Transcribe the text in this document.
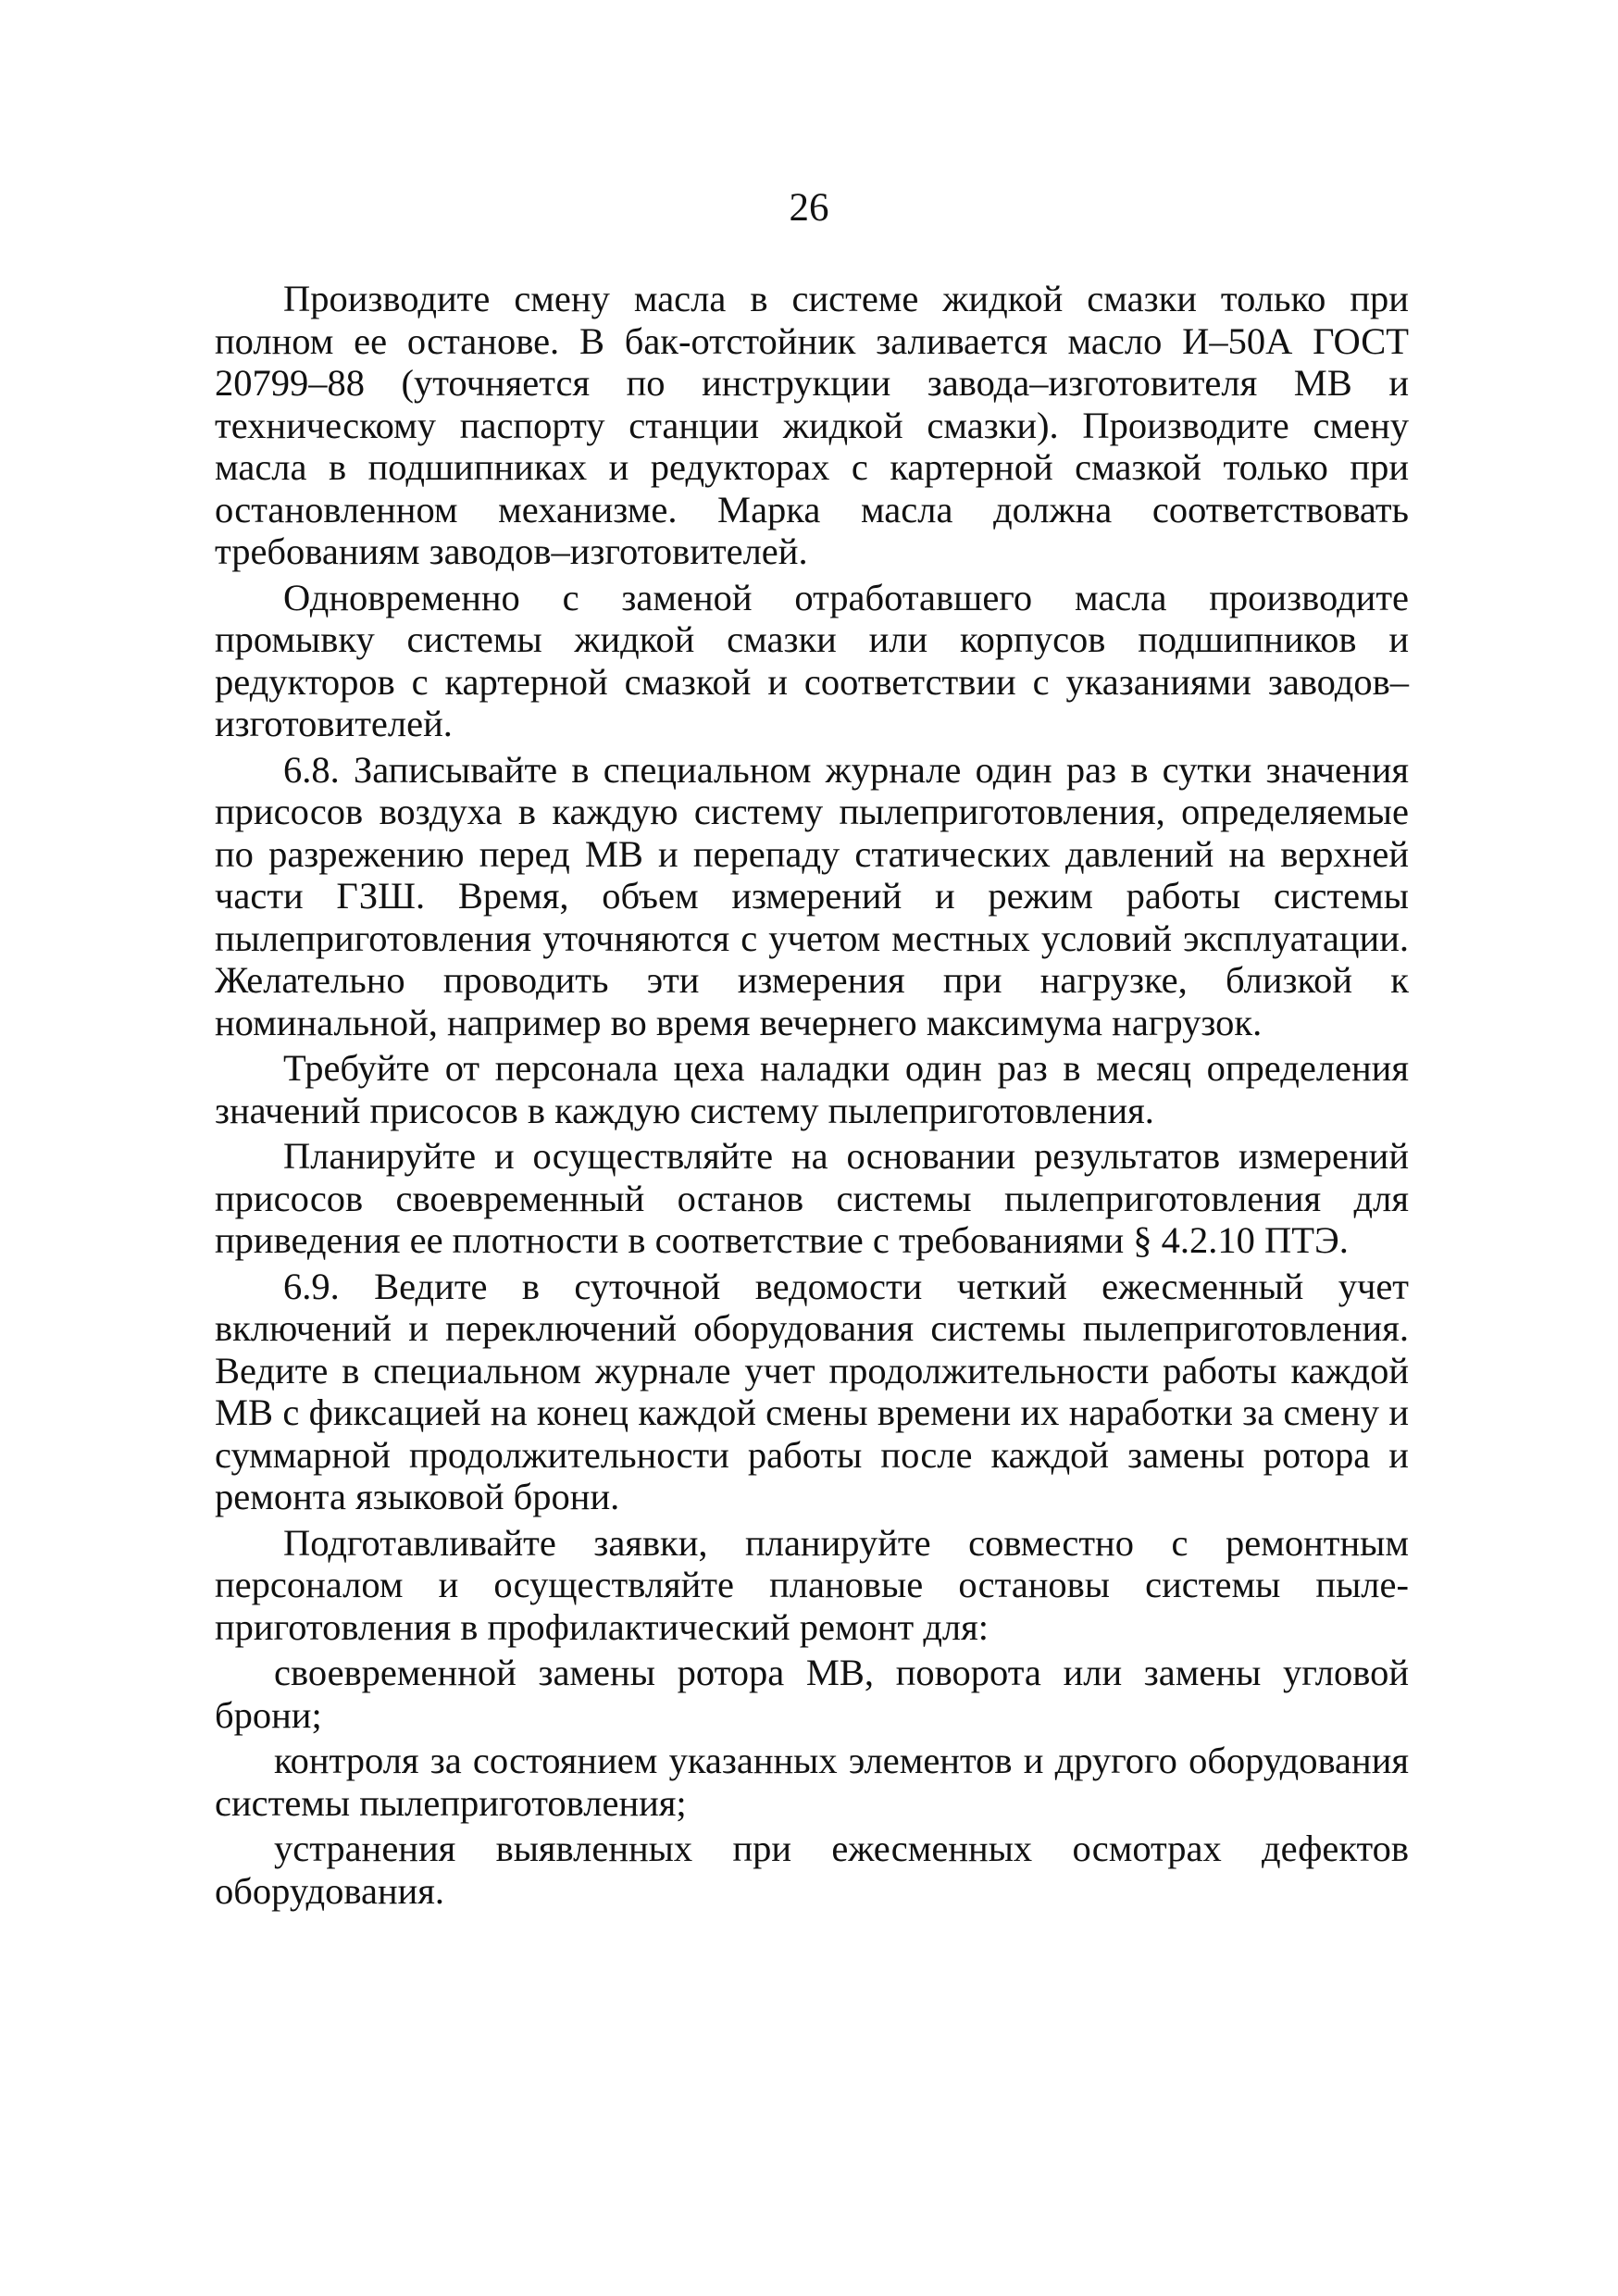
26

Производите смену масла в системе жидкой смазки только при полном ее останове. В бак-отстойник заливается масло И–50А ГОСТ 20799–88 (уточняется по инструкции завода–изготовителя МВ и техническому паспорту станции жидкой смазки). Производите смену масла в подшипниках и редукторах с картерной смазкой только при остановленном механизме. Марка масла должна соответствовать требованиям заводов–изготовителей.

Одновременно с заменой отработавшего масла производите промывку системы жидкой смазки или корпусов подшипников и редукторов с картерной смазкой и соответствии с указаниями заводов–изготовителей.

6.8. Записывайте в специальном журнале один раз в сутки значения присосов воздуха в каждую систему пылеприготовления, определяемые по разрежению перед МВ и перепаду статических давлений на верхней части ГЗШ. Время, объем измерений и режим работы системы пылеприготовления уточняются с учетом местных условий эксплуатации. Желательно проводить эти измерения при нагрузке, близкой к номинальной, например во время вечернего максимума нагрузок.

Требуйте от персонала цеха наладки один раз в месяц определения значений присосов в каждую систему пылеприготовления.

Планируйте и осуществляйте на основании результатов измерений присосов своевременный останов системы пылеприготовления для приведения ее плотности в соответствие с требованиями § 4.2.10 ПТЭ.

6.9. Ведите в суточной ведомости четкий ежесменный учет включений и переключений оборудования системы пылеприготовления. Ведите в специальном журнале учет продолжительности работы каждой МВ с фиксацией на конец каждой смены времени их наработки за смену и суммарной продолжительности работы после каждой замены ротора и ремонта языковой брони.

Подготавливайте заявки, планируйте совместно с ремонтным персоналом и осуществляйте плановые остановы системы пылеприготовления в профилактический ремонт для:

своевременной замены ротора МВ, поворота или замены угловой брони;

контроля за состоянием указанных элементов и другого оборудования системы пылеприготовления;

устранения выявленных при ежесменных осмотрах дефектов оборудования.
